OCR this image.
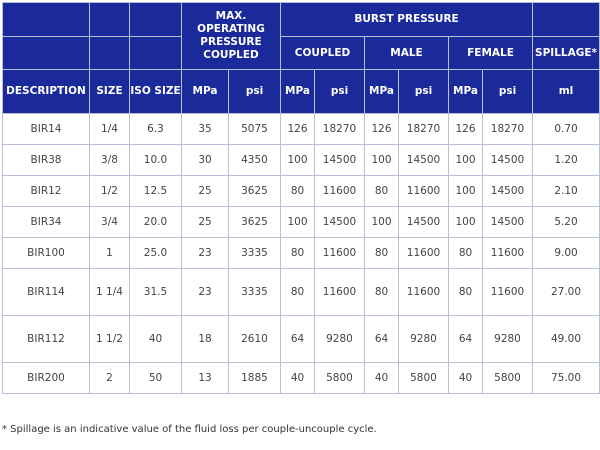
			MAX. OPERATING PRESSURE COUPLED		BURST PRESSURE						
					COUPLED		MALE		FEMALE		SPILLAGE*
DESCRIPTION	SIZE	ISO SIZE	MPa	psi	MPa	psi	MPa	psi	MPa	psi	ml
BIR14	1/4	6.3	35	5075	126	18270	126	18270	126	18270	0.70
BIR38	3/8	10.0	30	4350	100	14500	100	14500	100	14500	1.20
BIR12	1/2	12.5	25	3625	80	11600	80	11600	100	14500	2.10
BIR34	3/4	20.0	25	3625	100	14500	100	14500	100	14500	5.20
BIR100	1	25.0	23	3335	80	11600	80	11600	80	11600	9.00
BIR114	1 1/4	31.5	23	3335	80	11600	80	11600	80	11600	27.00
BIR112	1 1/2	40	18	2610	64	9280	64	9280	64	9280	49.00
BIR200	2	50	13	1885	40	5800	40	5800	40	5800	75.00
* Spillage is an indicative value of the fluid loss per couple-uncouple cycle.
